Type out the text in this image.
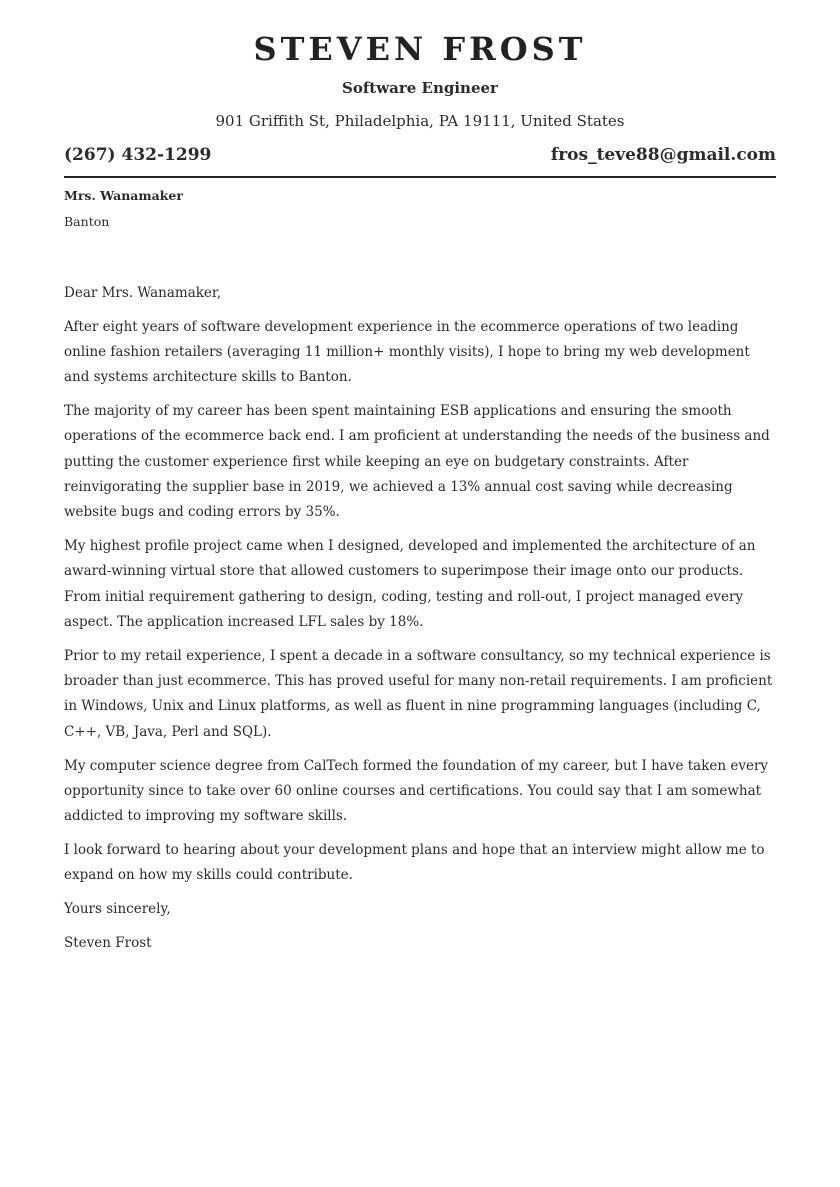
STEVEN FROST
Software Engineer
901 Griffith St, Philadelphia, PA 19111, United States
(267) 432-1299	fros_teve88@gmail.com
Mrs. Wanamaker
Banton

Dear Mrs. Wanamaker,

After eight years of software development experience in the ecommerce operations of two leading online fashion retailers (averaging 11 million+ monthly visits), I hope to bring my web development and systems architecture skills to Banton.

The majority of my career has been spent maintaining ESB applications and ensuring the smooth operations of the ecommerce back end. I am proficient at understanding the needs of the business and putting the customer experience first while keeping an eye on budgetary constraints. After reinvigorating the supplier base in 2019, we achieved a 13% annual cost saving while decreasing website bugs and coding errors by 35%.

My highest profile project came when I designed, developed and implemented the architecture of an award-winning virtual store that allowed customers to superimpose their image onto our products. From initial requirement gathering to design, coding, testing and roll-out, I project managed every aspect. The application increased LFL sales by 18%.

Prior to my retail experience, I spent a decade in a software consultancy, so my technical experience is broader than just ecommerce. This has proved useful for many non-retail requirements. I am proficient in Windows, Unix and Linux platforms, as well as fluent in nine programming languages (including C, C++, VB, Java, Perl and SQL).

My computer science degree from CalTech formed the foundation of my career, but I have taken every opportunity since to take over 60 online courses and certifications. You could say that I am somewhat addicted to improving my software skills.

I look forward to hearing about your development plans and hope that an interview might allow me to expand on how my skills could contribute.

Yours sincerely,

Steven Frost
